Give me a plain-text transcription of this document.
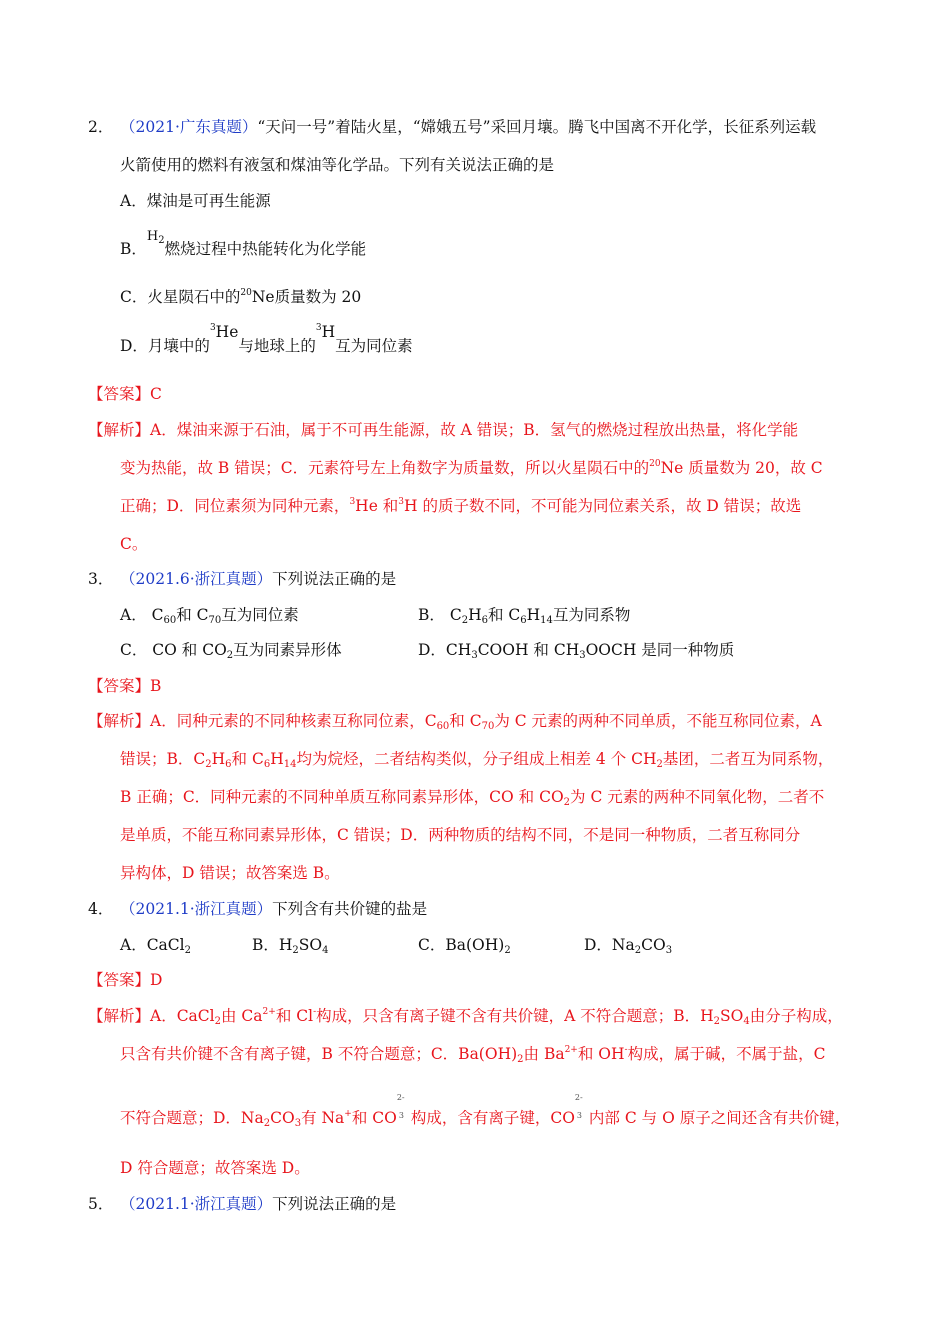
2． （2021·广东真题）“天问一号”着陆火星，“嫦娥五号”采回月壤。腾飞中国离不开化学，长征系列运载
火箭使用的燃料有液氢和煤油等化学品。下列有关说法正确的是
A．煤油是可再生能源
B．$^{H_2}$燃烧过程中热能转化为化学能
C．火星陨石中的$^{20}$Ne质量数为 20
D．月壤中的$^3$He与地球上的$^3$H互为同位素
【答案】C
【解析】A．煤油来源于石油，属于不可再生能源，故 A 错误；B．氢气的燃烧过程放出热量，将化学能
变为热能，故 B 错误；C．元素符号左上角数字为质量数，所以火星陨石中的$^{20}$Ne 质量数为 20，故 C
正确；D．同位素须为同种元素，$^3$He 和$^3$H 的质子数不同，不可能为同位素关系，故 D 错误；故选
C。
3． （2021.6·浙江真题）下列说法正确的是
A． $C_{60}$和 $C_{70}$互为同位素	B． $C_2H_6$和 $C_6H_{14}$互为同系物
C． CO 和 $CO_2$互为同素异形体	D．$CH_3COOH$ 和 $CH_3OOCH$ 是同一种物质
【答案】B
【解析】A．同种元素的不同种核素互称同位素，$C_{60}$和 $C_{70}$为 C 元素的两种不同单质，不能互称同位素，A
错误；B．$C_2H_6$和 $C_6H_{14}$均为烷烃，二者结构类似，分子组成上相差 4 个 $CH_2$基团，二者互为同系物，
B 正确；C．同种元素的不同种单质互称同素异形体，CO 和 $CO_2$为 C 元素的两种不同氧化物，二者不
是单质，不能互称同素异形体，C 错误；D．两种物质的结构不同，不是同一种物质，二者互称同分
异构体，D 错误；故答案选 B。
4． （2021.1·浙江真题）下列含有共价键的盐是
A．CaCl$_2$	B．$H_2SO_4$	C．$Ba(OH)_2$	D．$Na_2CO_3$
【答案】D
【解析】A．CaCl$_2$由 $Ca^{2+}$和 Cl-构成，只含有离子键不含有共价键，A 不符合题意；B．$H_2SO_4$由分子构成，
只含有共价键不含有离子键，B 不符合题意；C．$Ba(OH)_2$由 $Ba^{2+}$和 OH-构成，属于碱，不属于盐，C
不符合题意；D．$Na_2CO_3$有 Na+和 CO
2-
3 构成，含有离子键，CO
2-
3 内部 C 与 O 原子之间还含有共价键，
D 符合题意；故答案选 D。
5． （2021.1·浙江真题）下列说法正确的是
